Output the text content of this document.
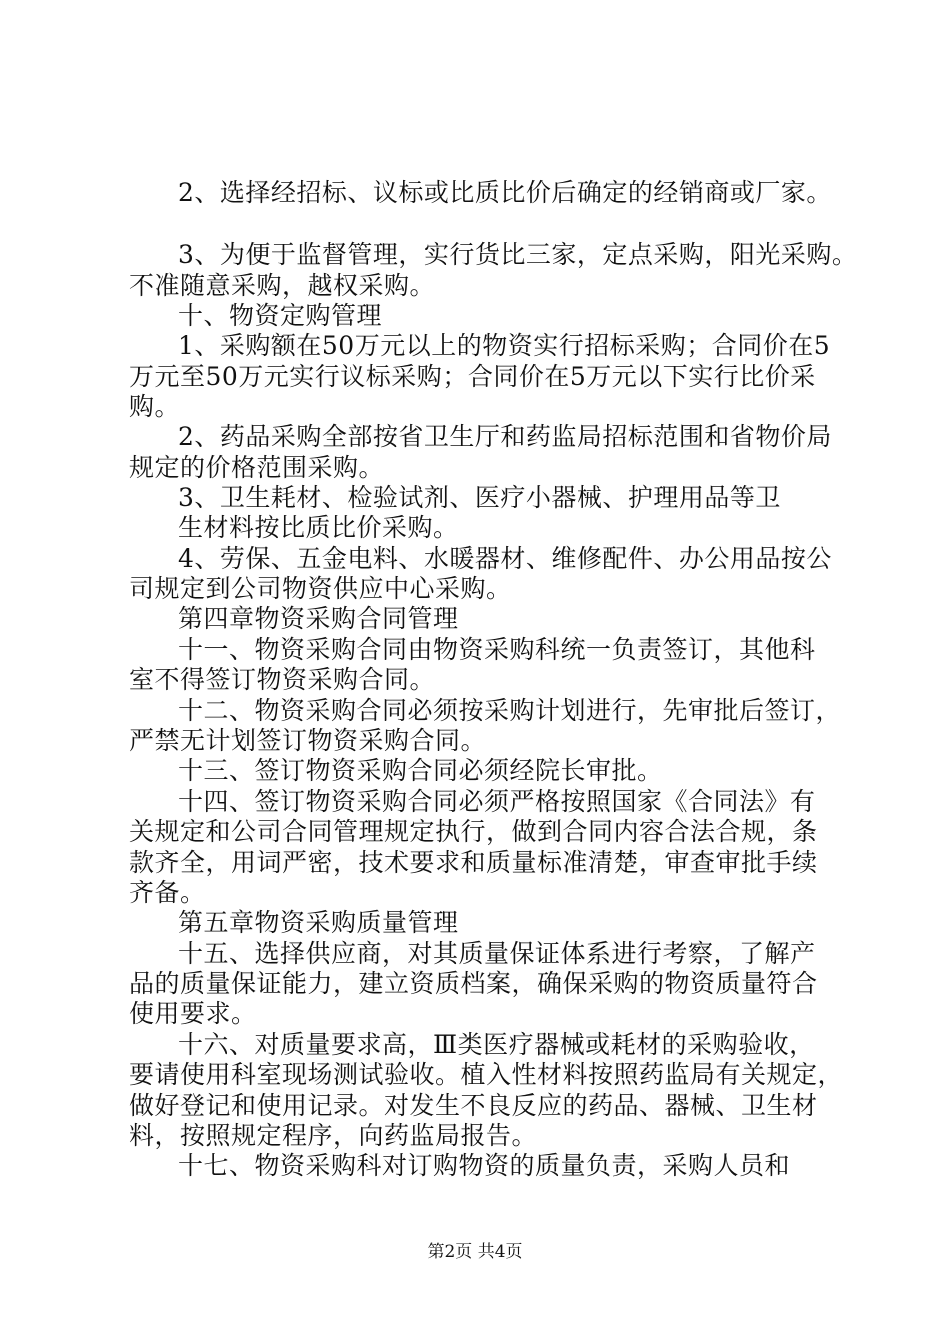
2、选择经招标、议标或比质比价后确定的经销商或厂家。
3、为便于监督管理，实行货比三家，定点采购，阳光采购。
不准随意采购，越权采购。
十、物资定购管理
1、采购额在50万元以上的物资实行招标采购；合同价在5
万元至50万元实行议标采购；合同价在5万元以下实行比价采
购。
2、药品采购全部按省卫生厅和药监局招标范围和省物价局
规定的价格范围采购。
3、卫生耗材、检验试剂、医疗小器械、护理用品等卫
生材料按比质比价采购。
4、劳保、五金电料、水暖器材、维修配件、办公用品按公
司规定到公司物资供应中心采购。
第四章物资采购合同管理
十一、物资采购合同由物资采购科统一负责签订，其他科
室不得签订物资采购合同。
十二、物资采购合同必须按采购计划进行，先审批后签订，
严禁无计划签订物资采购合同。
十三、签订物资采购合同必须经院长审批。
十四、签订物资采购合同必须严格按照国家《合同法》有
关规定和公司合同管理规定执行，做到合同内容合法合规，条
款齐全，用词严密，技术要求和质量标准清楚，审查审批手续
齐备。
第五章物资采购质量管理
十五、选择供应商，对其质量保证体系进行考察，了解产
品的质量保证能力，建立资质档案，确保采购的物资质量符合
使用要求。
十六、对质量要求高，Ⅲ类医疗器械或耗材的采购验收，
要请使用科室现场测试验收。植入性材料按照药监局有关规定，
做好登记和使用记录。对发生不良反应的药品、器械、卫生材
料，按照规定程序，向药监局报告。
十七、物资采购科对订购物资的质量负责，采购人员和
第2页 共4页
